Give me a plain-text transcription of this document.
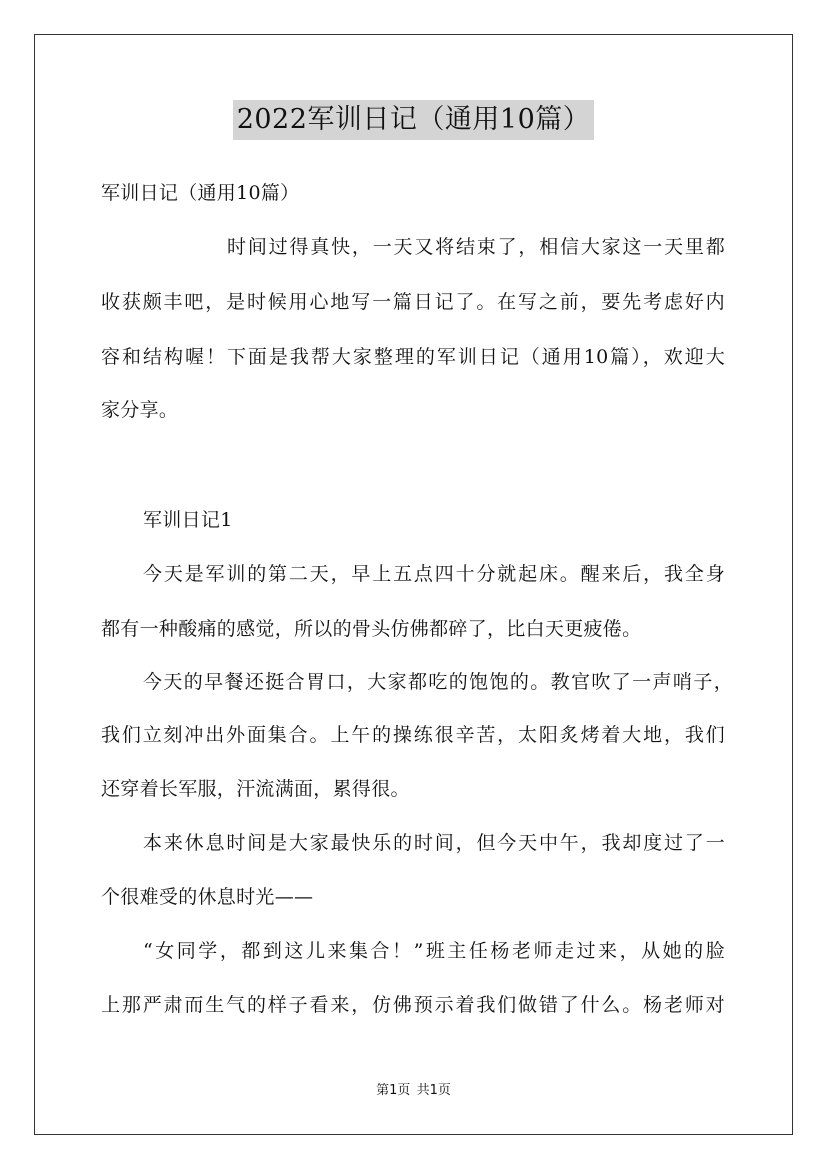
2022军训日记（通用10篇）
军训日记（通用10篇）
时间过得真快，一天又将结束了，相信大家这一天里都
收获颇丰吧，是时候用心地写一篇日记了。在写之前，要先考虑好内
容和结构喔！下面是我帮大家整理的军训日记（通用10篇），欢迎大
家分享。
军训日记1
今天是军训的第二天，早上五点四十分就起床。醒来后，我全身
都有一种酸痛的感觉，所以的骨头仿佛都碎了，比白天更疲倦。
今天的早餐还挺合胃口，大家都吃的饱饱的。教官吹了一声哨子，
我们立刻冲出外面集合。上午的操练很辛苦，太阳炙烤着大地，我们
还穿着长军服，汗流满面，累得很。
本来休息时间是大家最快乐的时间，但今天中午，我却度过了一
个很难受的休息时光——
“女同学，都到这儿来集合！”班主任杨老师走过来，从她的脸
上那严肃而生气的样子看来，仿佛预示着我们做错了什么。杨老师对
第1页 共1页
